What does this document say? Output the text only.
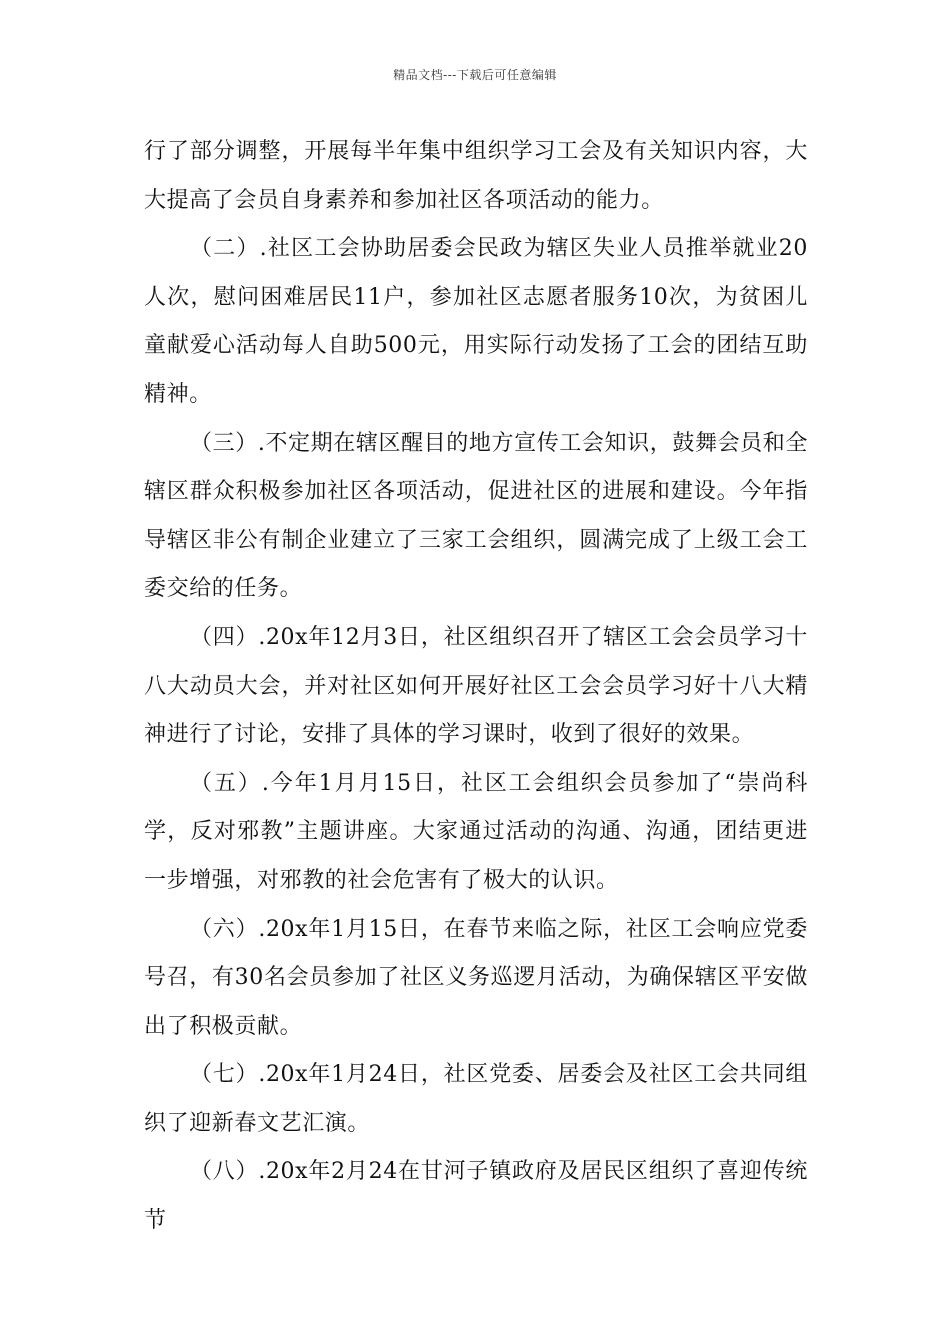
精品文档---下载后可任意编辑

行了部分调整，开展每半年集中组织学习工会及有关知识内容，大大提高了会员自身素养和参加社区各项活动的能力。

（二）.社区工会协助居委会民政为辖区失业人员推举就业20人次，慰问困难居民11户，参加社区志愿者服务10次，为贫困儿童献爱心活动每人自助500元，用实际行动发扬了工会的团结互助精神。

（三）.不定期在辖区醒目的地方宣传工会知识，鼓舞会员和全辖区群众积极参加社区各项活动，促进社区的进展和建设。今年指导辖区非公有制企业建立了三家工会组织，圆满完成了上级工会工委交给的任务。

（四）.20x年12月3日，社区组织召开了辖区工会会员学习十八大动员大会，并对社区如何开展好社区工会会员学习好十八大精神进行了讨论，安排了具体的学习课时，收到了很好的效果。

（五）.今年1月月15日，社区工会组织会员参加了“崇尚科学，反对邪教”主题讲座。大家通过活动的沟通、沟通，团结更进一步增强，对邪教的社会危害有了极大的认识。

（六）.20x年1月15日，在春节来临之际，社区工会响应党委号召，有30名会员参加了社区义务巡逻月活动，为确保辖区平安做出了积极贡献。

（七）.20x年1月24日，社区党委、居委会及社区工会共同组织了迎新春文艺汇演。

（八）.20x年2月24在甘河子镇政府及居民区组织了喜迎传统节
